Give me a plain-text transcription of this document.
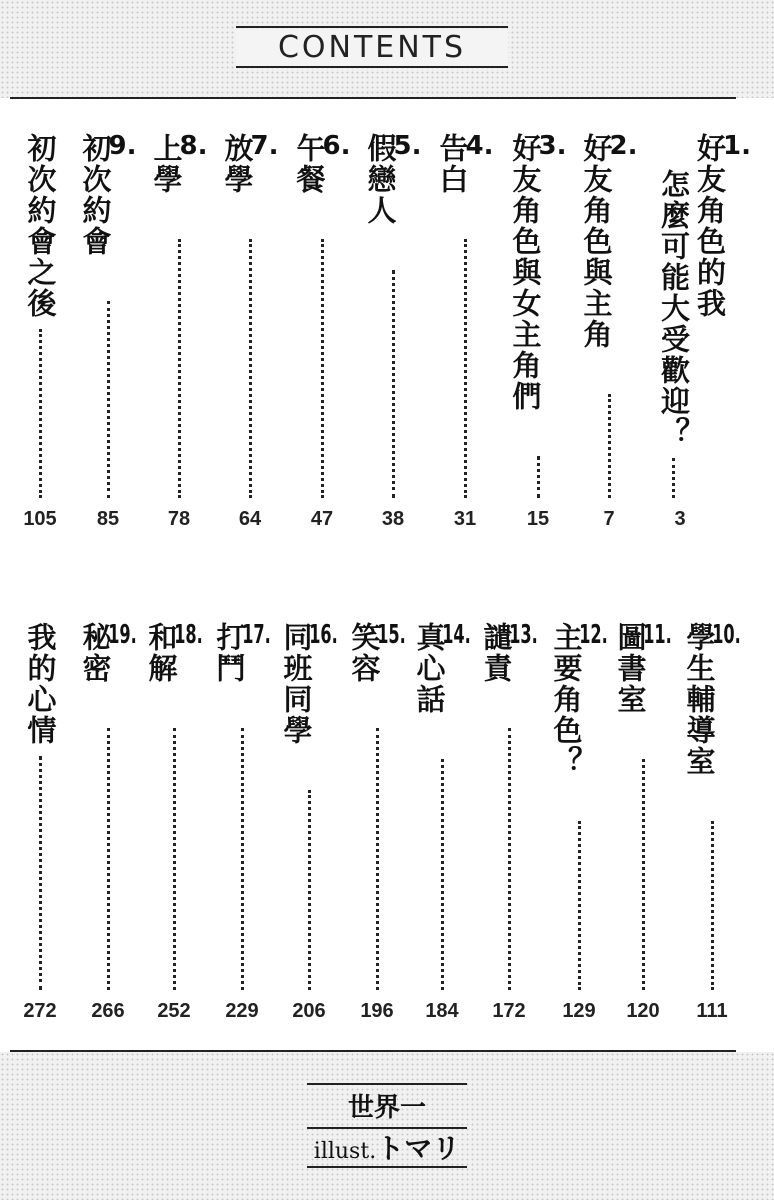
CONTENTS
1.
好友角色的我
怎麼可能大受歡迎？
3
2.
好友角色與主角
7
3.
好友角色與女主角們
15
4.
告白
31
5.
假戀人
38
6.
午餐
47
7.
放學
64
8.
上學
78
9.
初次約會
85
初次約會之後
105
10.
學生輔導室
111
11.
圖書室
120
12.
主要角色？
129
13.
譴責
172
14.
真心話
184
15.
笑容
196
16.
同班同學
206
17.
打鬥
229
18.
和解
252
19.
秘密
266
我的心情
272
世界一
illust.トマリ
